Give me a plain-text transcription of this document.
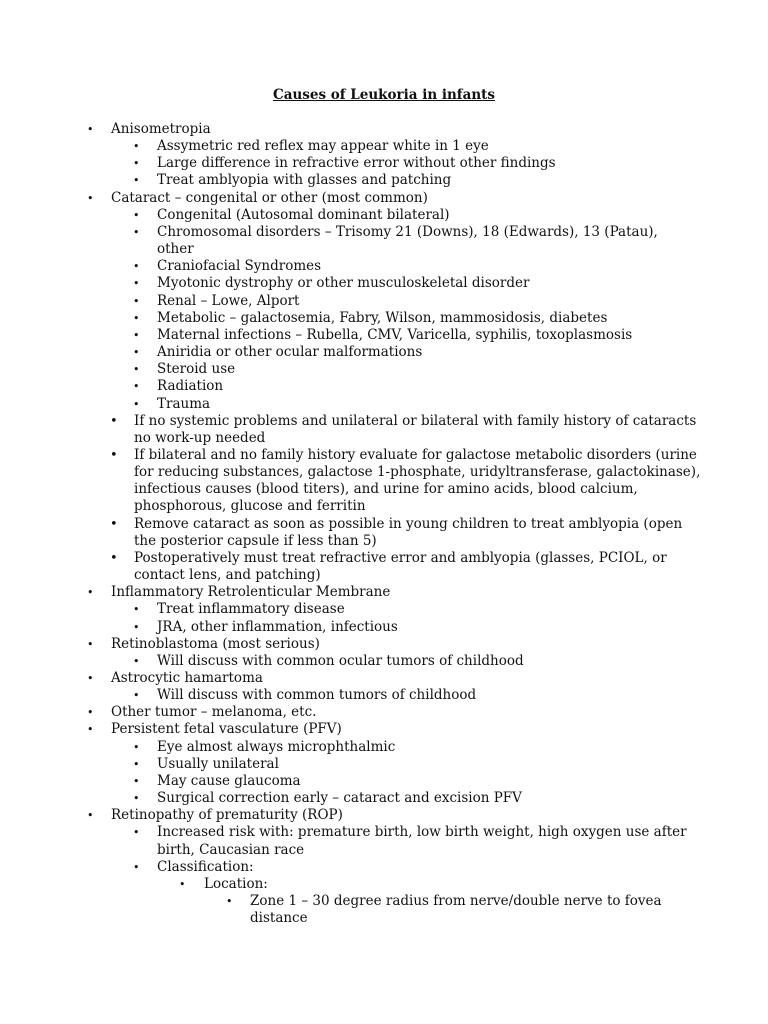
Causes of Leukoria in infants
•	Anisometropia
•	Assymetric red reflex may appear white in 1 eye
•	Large difference in refractive error without other findings
•	Treat amblyopia with glasses and patching
•	Cataract – congenital or other (most common)
•	Congenital (Autosomal dominant bilateral)
•	Chromosomal disorders – Trisomy 21 (Downs), 18 (Edwards), 13 (Patau),
other
•	Craniofacial Syndromes
•	Myotonic dystrophy or other musculoskeletal disorder
•	Renal – Lowe, Alport
•	Metabolic – galactosemia, Fabry, Wilson, mammosidosis, diabetes
•	Maternal infections – Rubella, CMV, Varicella, syphilis, toxoplasmosis
•	Aniridia or other ocular malformations
•	Steroid use
•	Radiation
•	Trauma
•	If no systemic problems and unilateral or bilateral with family history of cataracts
no work-up needed
•	If bilateral and no family history evaluate for galactose metabolic disorders (urine
for reducing substances, galactose 1-phosphate, uridyltransferase, galactokinase),
infectious causes (blood titers), and urine for amino acids, blood calcium,
phosphorous, glucose and ferritin
•	Remove cataract as soon as possible in young children to treat amblyopia (open
the posterior capsule if less than 5)
•	Postoperatively must treat refractive error and amblyopia (glasses, PCIOL, or
contact lens, and patching)
•	Inflammatory Retrolenticular Membrane
•	Treat inflammatory disease
•	JRA, other inflammation, infectious
•	Retinoblastoma (most serious)
•	Will discuss with common ocular tumors of childhood
•	Astrocytic hamartoma
•	Will discuss with common tumors of childhood
•	Other tumor – melanoma, etc.
•	Persistent fetal vasculature (PFV)
•	Eye almost always microphthalmic
•	Usually unilateral
•	May cause glaucoma
•	Surgical correction early – cataract and excision PFV
•	Retinopathy of prematurity (ROP)
•	Increased risk with: premature birth, low birth weight, high oxygen use after
birth, Caucasian race
•	Classification:
•	Location:
•	Zone 1 – 30 degree radius from nerve/double nerve to fovea
distance
